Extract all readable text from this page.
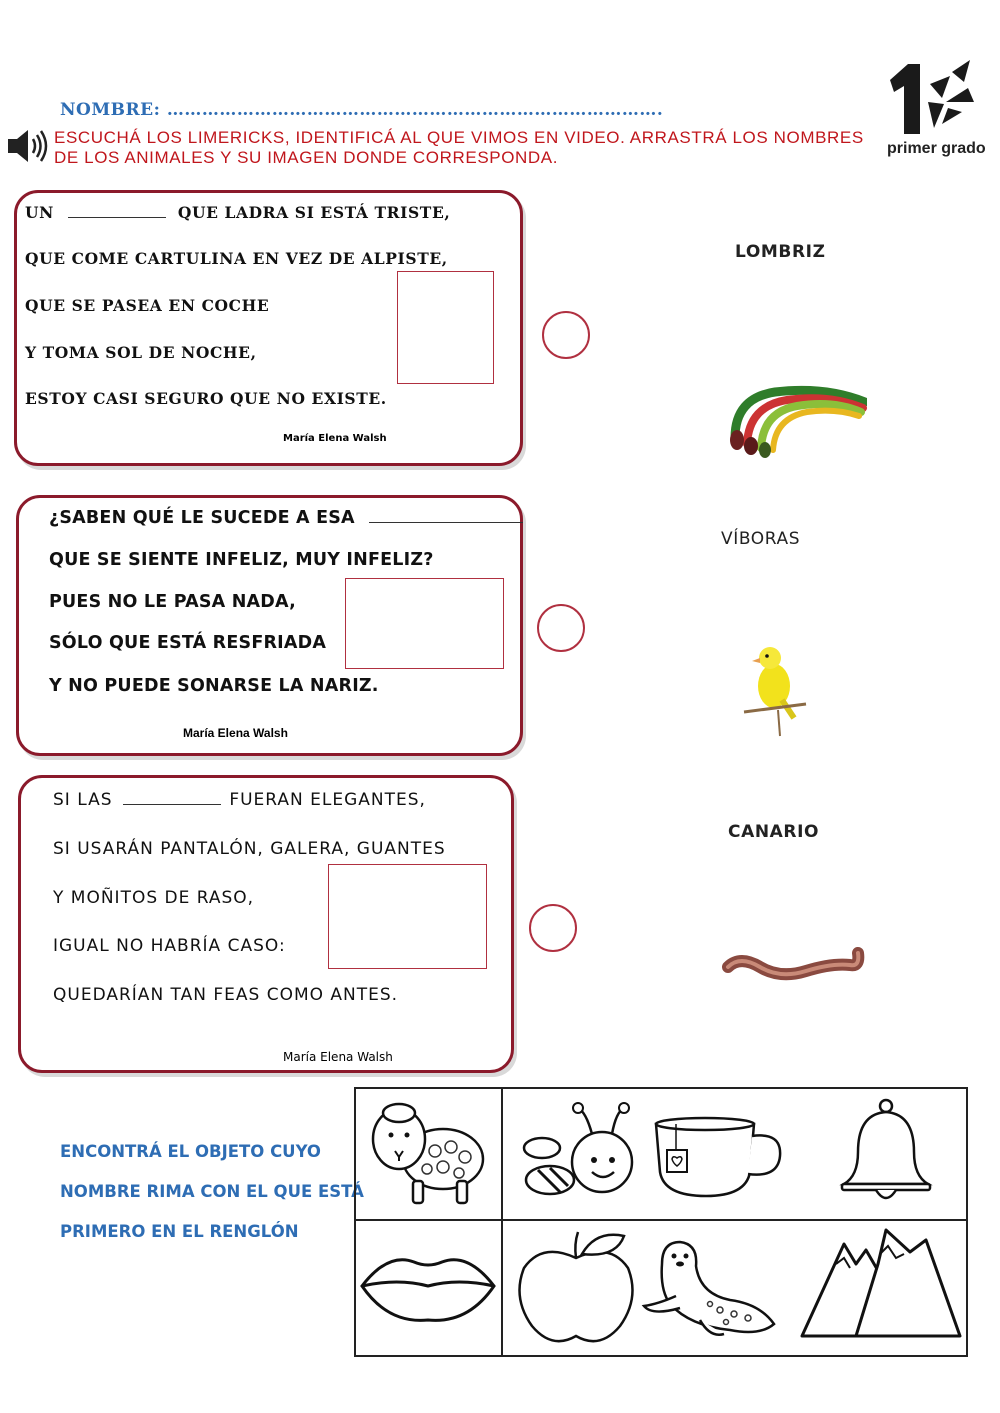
NOMBRE: ………………………………………………………………………….
ESCUCHÁ LOS LIMERICKS, IDENTIFICÁ AL QUE VIMOS EN VIDEO. ARRASTRÁ LOS NOMBRES DE LOS ANIMALES Y SU IMAGEN DONDE CORRESPONDA.	primer grado
UN	QUE LADRA SI ESTÁ TRISTE,
QUE COME CARTULINA EN VEZ DE ALPISTE,
QUE SE PASEA EN COCHE
Y TOMA SOL DE NOCHE,
ESTOY CASI SEGURO QUE NO EXISTE.
María Elena Walsh
¿SABEN QUÉ LE SUCEDE A ESA
QUE SE SIENTE INFELIZ, MUY INFELIZ?
PUES NO LE PASA NADA,
SÓLO QUE ESTÁ RESFRIADA
Y NO PUEDE SONARSE LA NARIZ.
María Elena Walsh
SI LAS	FUERAN ELEGANTES,
SI USARÁN PANTALÓN, GALERA, GUANTES
Y MOÑITOS DE RASO,
IGUAL NO HABRÍA CASO:
QUEDARÍAN TAN FEAS COMO ANTES.
María Elena Walsh
LOMBRIZ
VÍBORAS
CANARIO
ENCONTRÁ EL OBJETO CUYO
NOMBRE RIMA CON EL QUE ESTÁ
PRIMERO EN EL RENGLÓN
